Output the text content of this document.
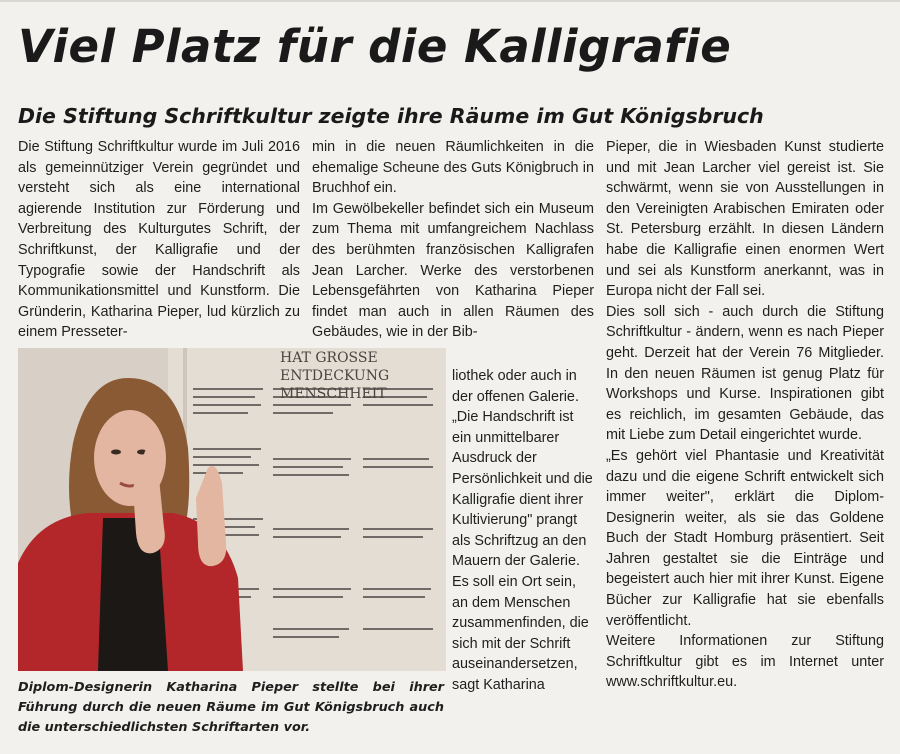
Viel Platz für die Kalligrafie
Die Stiftung Schriftkultur zeigte ihre Räume im Gut Königsbruch

Die Stiftung Schriftkultur wurde im Juli 2016 als gemeinnütziger Verein gegründet und versteht sich als eine international agierende Institution zur Förderung und Verbreitung des Kulturgutes Schrift, der Schriftkunst, der Kalligrafie und der Typografie sowie der Handschrift als Kommunikationsmittel und Kunstform. Die Gründerin, Katharina Pieper, lud kürzlich zu einem Presseter-

min in die neuen Räumlichkeiten in die ehemalige Scheune des Guts Königbruch in Bruchhof ein.

Im Gewölbekeller befindet sich ein Museum zum Thema mit umfangreichem Nachlass des berühmten französischen Kalligrafen Jean Larcher. Werke des verstorbenen Lebensgefährten von Katharina Pieper findet man auch in allen Räumen des Gebäudes, wie in der Bib-

liothek oder auch in der offenen Galerie. „Die Handschrift ist ein unmittelbarer Ausdruck der Persönlichkeit und die Kalligrafie dient ihrer Kultivierung" prangt als Schriftzug an den Mauern der Galerie. Es soll ein Ort sein, an dem Menschen zusammenfinden, die sich mit der Schrift auseinandersetzen, sagt Katharina

Pieper, die in Wiesbaden Kunst studierte und mit Jean Larcher viel gereist ist. Sie schwärmt, wenn sie von Ausstellungen in den Vereinigten Arabischen Emiraten oder St. Petersburg erzählt. In diesen Ländern habe die Kalligrafie einen enormen Wert und sei als Kunstform anerkannt, was in Europa nicht der Fall sei.

Dies soll sich - auch durch die Stiftung Schriftkultur - ändern, wenn es nach Pieper geht. Derzeit hat der Verein 76 Mitglieder. In den neuen Räumen ist genug Platz für Workshops und Kurse. Inspirationen gibt es reichlich, im gesamten Gebäude, das mit Liebe zum Detail eingerichtet wurde.

„Es gehört viel Phantasie und Kreativität dazu und die eigene Schrift entwickelt sich immer weiter", erklärt die Diplom-Designerin weiter, als sie das Goldene Buch der Stadt Homburg präsentiert. Seit Jahren gestaltet sie die Einträge und begeistert auch hier mit ihrer Kunst. Eigene Bücher zur Kalligrafie hat sie ebenfalls veröffentlicht.

Weitere Informationen zur Stiftung Schriftkultur gibt es im Internet unter www.schriftkultur.eu.

HAT GROSSE
ENTDECKUNG
MENSCHHEIT
Diplom-Designerin Katharina Pieper stellte bei ihrer Führung durch die neuen Räume im Gut Königsbruch auch die unterschiedlichsten Schriftarten vor.
